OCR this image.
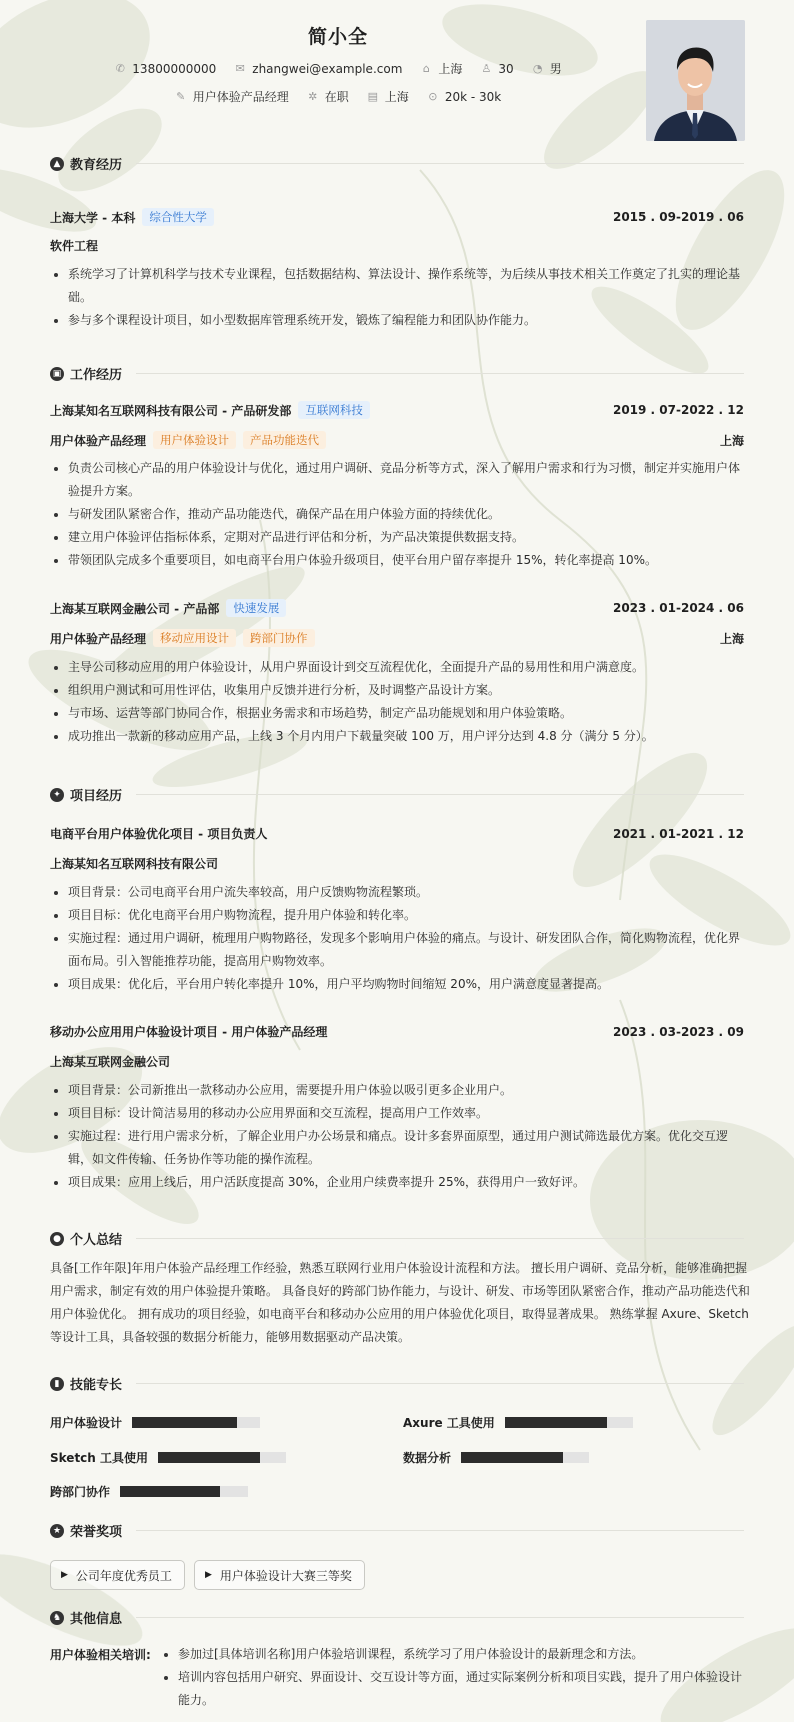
简小全
✆ 13800000000 ✉ zhangwei@example.com ⌂ 上海 ♙ 30 ◔ 男
✎ 用户体验产品经理 ✲ 在职 ▤ 上海 ⊙ 20k - 30k
▲ 教育经历
上海大学 - 本科	综合性大学	2015 . 09-2019 . 06
软件工程
系统学习了计算机科学与技术专业课程，包括数据结构、算法设计、操作系统等，为后续从事技术相关工作奠定了扎实的理论基础。
参与多个课程设计项目，如小型数据库管理系统开发，锻炼了编程能力和团队协作能力。
▣ 工作经历
上海某知名互联网科技有限公司 - 产品研发部	互联网科技	2019 . 07-2022 . 12
用户体验产品经理	用户体验设计	产品功能迭代	上海
负责公司核心产品的用户体验设计与优化，通过用户调研、竞品分析等方式，深入了解用户需求和行为习惯，制定并实施用户体验提升方案。
与研发团队紧密合作，推动产品功能迭代，确保产品在用户体验方面的持续优化。
建立用户体验评估指标体系，定期对产品进行评估和分析，为产品决策提供数据支持。
带领团队完成多个重要项目，如电商平台用户体验升级项目，使平台用户留存率提升 15%，转化率提高 10%。
上海某互联网金融公司 - 产品部	快速发展	2023 . 01-2024 . 06
用户体验产品经理	移动应用设计	跨部门协作	上海
主导公司移动应用的用户体验设计，从用户界面设计到交互流程优化，全面提升产品的易用性和用户满意度。
组织用户测试和可用性评估，收集用户反馈并进行分析，及时调整产品设计方案。
与市场、运营等部门协同合作，根据业务需求和市场趋势，制定产品功能规划和用户体验策略。
成功推出一款新的移动应用产品，上线 3 个月内用户下载量突破 100 万，用户评分达到 4.8 分（满分 5 分）。
✦ 项目经历
电商平台用户体验优化项目 - 项目负责人	2021 . 01-2021 . 12
上海某知名互联网科技有限公司
项目背景：公司电商平台用户流失率较高，用户反馈购物流程繁琐。
项目目标：优化电商平台用户购物流程，提升用户体验和转化率。
实施过程：通过用户调研，梳理用户购物路径，发现多个影响用户体验的痛点。与设计、研发团队合作，简化购物流程，优化界面布局。引入智能推荐功能，提高用户购物效率。
项目成果：优化后，平台用户转化率提升 10%，用户平均购物时间缩短 20%，用户满意度显著提高。
移动办公应用用户体验设计项目 - 用户体验产品经理	2023 . 03-2023 . 09
上海某互联网金融公司
项目背景：公司新推出一款移动办公应用，需要提升用户体验以吸引更多企业用户。
项目目标：设计简洁易用的移动办公应用界面和交互流程，提高用户工作效率。
实施过程：进行用户需求分析，了解企业用户办公场景和痛点。设计多套界面原型，通过用户测试筛选最优方案。优化交互逻辑，如文件传输、任务协作等功能的操作流程。
项目成果：应用上线后，用户活跃度提高 30%，企业用户续费率提升 25%，获得用户一致好评。
● 个人总结
具备[工作年限]年用户体验产品经理工作经验，熟悉互联网行业用户体验设计流程和方法。 擅长用户调研、竞品分析，能够准确把握用户需求，制定有效的用户体验提升策略。 具备良好的跨部门协作能力，与设计、研发、市场等团队紧密合作，推动产品功能迭代和用户体验优化。 拥有成功的项目经验，如电商平台和移动办公应用的用户体验优化项目，取得显著成果。 熟练掌握 Axure、Sketch 等设计工具，具备较强的数据分析能力，能够用数据驱动产品决策。
▮ 技能专长
用户体验设计	Axure 工具使用
Sketch 工具使用	数据分析
跨部门协作
★ 荣誉奖项
▶ 公司年度优秀员工	▶ 用户体验设计大赛三等奖
♞ 其他信息
用户体验相关培训:	参加过[具体培训名称]用户体验培训课程，系统学习了用户体验设计的最新理念和方法。
培训内容包括用户研究、界面设计、交互设计等方面，通过实际案例分析和项目实践，提升了用户体验设计能力。
